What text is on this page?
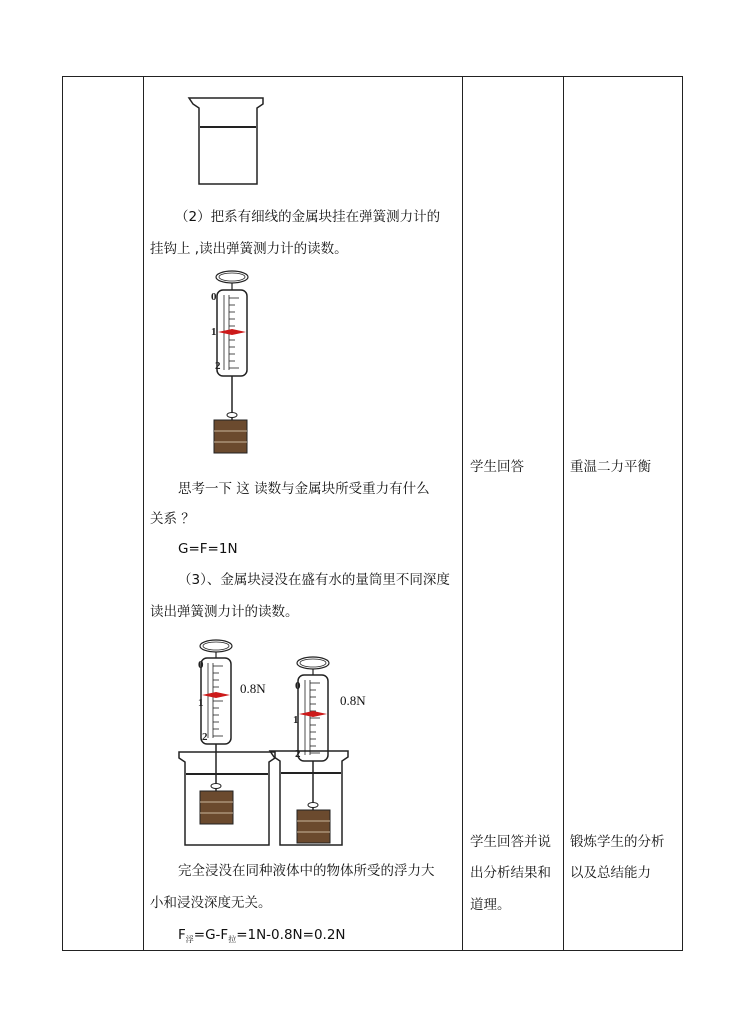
（2）把系有细线的金属块挂在弹簧测力计的
挂钩上 ,读出弹簧测力计的读数。
0
1
2
思考一下 这 读数与金属块所受重力有什么
关系 ？
G=F=1N
（3）、金属块浸没在盛有水的量筒里不同深度
读出弹簧测力计的读数。
0
1
2
0.8N	0
1
2
0.8N
完全浸没在同种液体中的物体所受的浮力大
小和浸没深度无关。
$F_浮=G-F_拉=1N-0.8N=0.2N$
学生回答
学生回答并说
出分析结果和
道理。
重温二力平衡
锻炼学生的分析
以及总结能力
